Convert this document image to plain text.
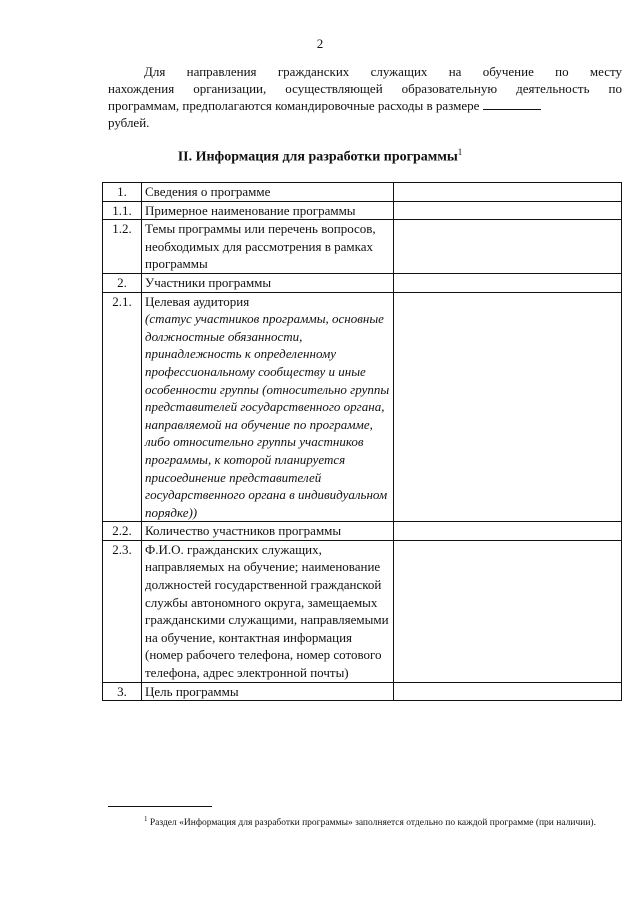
2
Для направления гражданских служащих на обучение по месту
нахождения организации, осуществляющей образовательную деятельность по
программам, предполагаются командировочные расходы в размере
рублей.
II. Информация для разработки программы$^1$
1.	Сведения о программе	
1.1.	Примерное наименование программы	
1.2.	Темы программы или перечень вопросов, необходимых для рассмотрения в рамках программы	
2.	Участники программы	
2.1.	Целевая аудитория
(статус участников программы, основные должностные обязанности, принадлежность к определенному профессиональному сообществу и иные особенности группы (относительно группы представителей государственного органа, направляемой на обучение по программе, либо относительно группы участников программы, к которой планируется присоединение представителей государственного органа в индивидуальном порядке))	
2.2.	Количество участников программы	
2.3.	Ф.И.О. гражданских служащих, направляемых на обучение; наименование должностей государственной гражданской службы автономного округа, замещаемых гражданскими служащими, направляемыми на обучение, контактная информация (номер рабочего телефона, номер сотового телефона, адрес электронной почты)	
3.	Цель программы	
$^1$ Раздел «Информация для разработки программы» заполняется отдельно по каждой программе (при наличии).
